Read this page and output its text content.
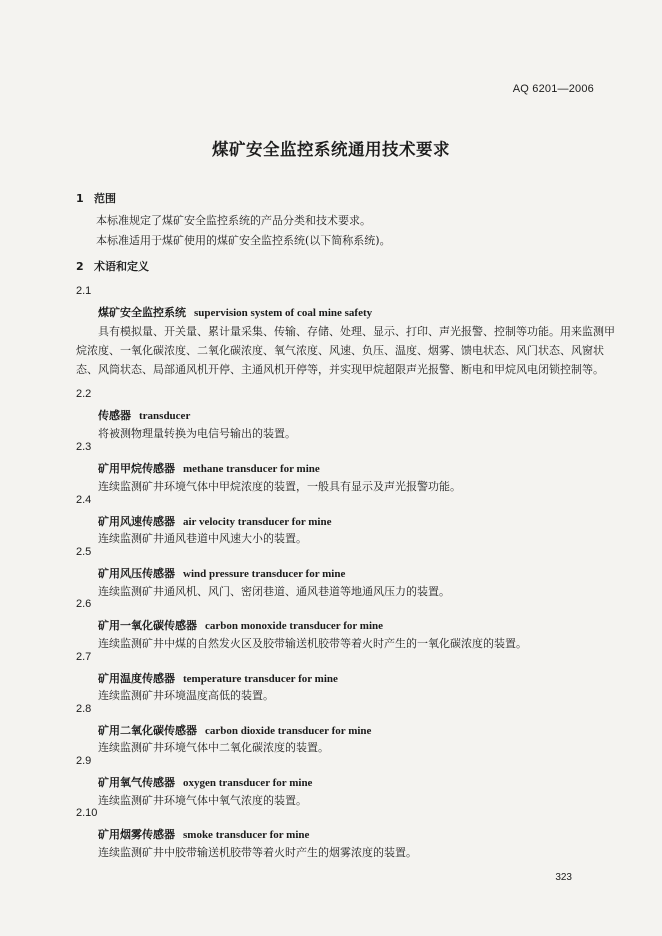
AQ 6201—2006
煤矿安全监控系统通用技术要求
1 范围
本标准规定了煤矿安全监控系统的产品分类和技术要求。
本标准适用于煤矿使用的煤矿安全监控系统(以下简称系统)。
2 术语和定义
2.1
煤矿安全监控系统 supervision system of coal mine safety
具有模拟量、开关量、累计量采集、传输、存储、处理、显示、打印、声光报警、控制等功能。用来监测甲烷浓度、一氧化碳浓度、二氧化碳浓度、氧气浓度、风速、负压、温度、烟雾、馈电状态、风门状态、风窗状态、风筒状态、局部通风机开停、主通风机开停等，并实现甲烷超限声光报警、断电和甲烷风电闭锁控制等。
2.2
传感器 transducer
将被测物理量转换为电信号输出的装置。
2.3
矿用甲烷传感器 methane transducer for mine
连续监测矿井环境气体中甲烷浓度的装置，一般具有显示及声光报警功能。
2.4
矿用风速传感器 air velocity transducer for mine
连续监测矿井通风巷道中风速大小的装置。
2.5
矿用风压传感器 wind pressure transducer for mine
连续监测矿井通风机、风门、密闭巷道、通风巷道等地通风压力的装置。
2.6
矿用一氧化碳传感器 carbon monoxide transducer for mine
连续监测矿井中煤的自然发火区及胶带输送机胶带等着火时产生的一氧化碳浓度的装置。
2.7
矿用温度传感器 temperature transducer for mine
连续监测矿井环境温度高低的装置。
2.8
矿用二氧化碳传感器 carbon dioxide transducer for mine
连续监测矿井环境气体中二氧化碳浓度的装置。
2.9
矿用氧气传感器 oxygen transducer for mine
连续监测矿井环境气体中氧气浓度的装置。
2.10
矿用烟雾传感器 smoke transducer for mine
连续监测矿井中胶带输送机胶带等着火时产生的烟雾浓度的装置。
323
